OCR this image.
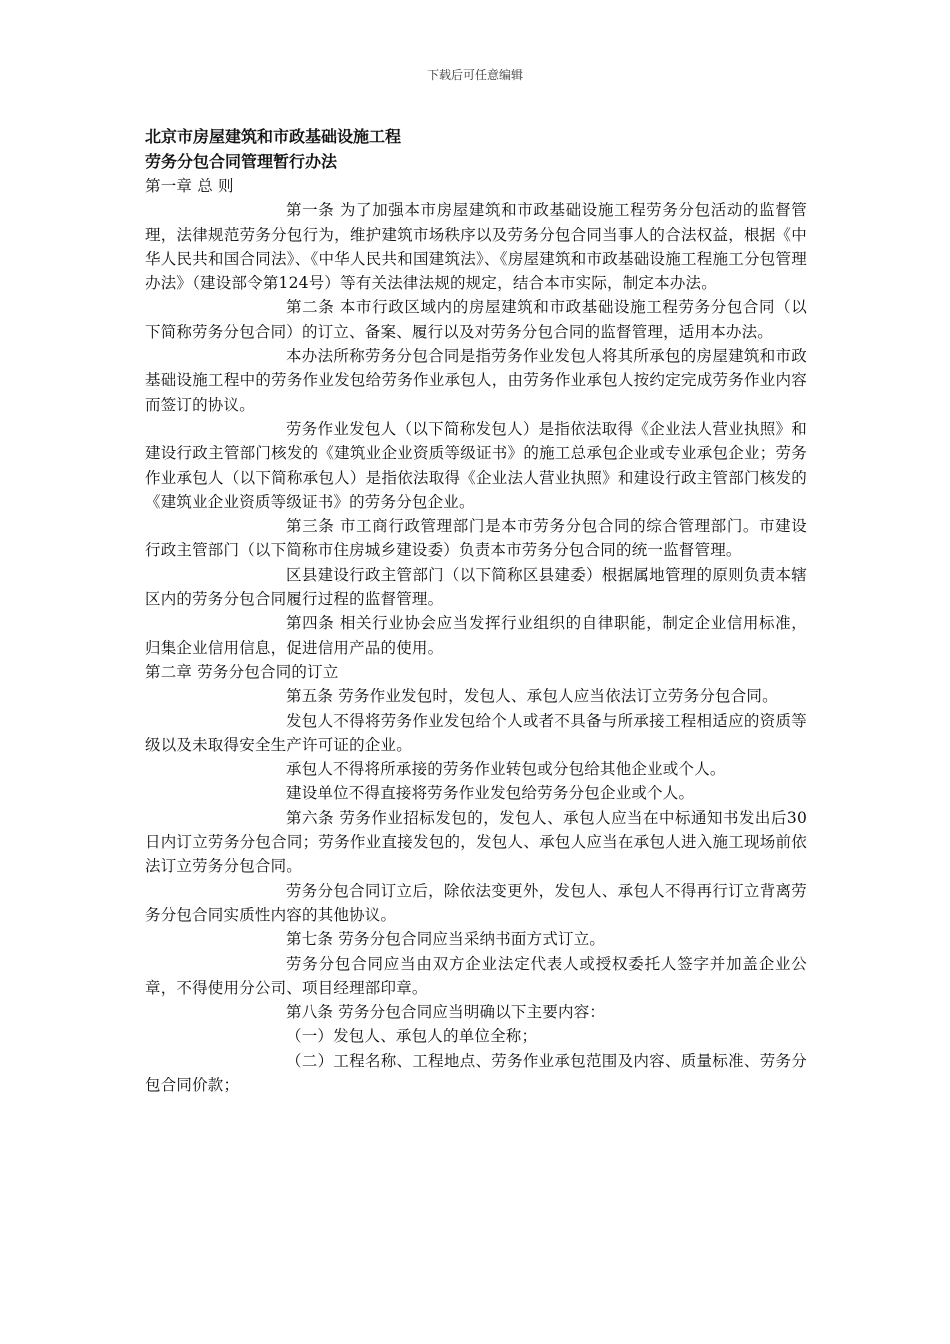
下载后可任意编辑
北京市房屋建筑和市政基础设施工程
劳务分包合同管理暂行办法

第一章 总 则

第一条 为了加强本市房屋建筑和市政基础设施工程劳务分包活动的监督管理，法律规范劳务分包行为，维护建筑市场秩序以及劳务分包合同当事人的合法权益，根据《中华人民共和国合同法》、《中华人民共和国建筑法》、《房屋建筑和市政基础设施工程施工分包管理办法》（建设部令第124号）等有关法律法规的规定，结合本市实际，制定本办法。

第二条 本市行政区域内的房屋建筑和市政基础设施工程劳务分包合同（以下简称劳务分包合同）的订立、备案、履行以及对劳务分包合同的监督管理，适用本办法。

本办法所称劳务分包合同是指劳务作业发包人将其所承包的房屋建筑和市政基础设施工程中的劳务作业发包给劳务作业承包人，由劳务作业承包人按约定完成劳务作业内容而签订的协议。

劳务作业发包人（以下简称发包人）是指依法取得《企业法人营业执照》和建设行政主管部门核发的《建筑业企业资质等级证书》的施工总承包企业或专业承包企业；劳务作业承包人（以下简称承包人）是指依法取得《企业法人营业执照》和建设行政主管部门核发的《建筑业企业资质等级证书》的劳务分包企业。

第三条 市工商行政管理部门是本市劳务分包合同的综合管理部门。市建设行政主管部门（以下简称市住房城乡建设委）负责本市劳务分包合同的统一监督管理。

区县建设行政主管部门（以下简称区县建委）根据属地管理的原则负责本辖区内的劳务分包合同履行过程的监督管理。

第四条 相关行业协会应当发挥行业组织的自律职能，制定企业信用标准，归集企业信用信息，促进信用产品的使用。

第二章 劳务分包合同的订立

第五条 劳务作业发包时，发包人、承包人应当依法订立劳务分包合同。

发包人不得将劳务作业发包给个人或者不具备与所承接工程相适应的资质等级以及未取得安全生产许可证的企业。

承包人不得将所承接的劳务作业转包或分包给其他企业或个人。

建设单位不得直接将劳务作业发包给劳务分包企业或个人。

第六条 劳务作业招标发包的，发包人、承包人应当在中标通知书发出后30日内订立劳务分包合同；劳务作业直接发包的，发包人、承包人应当在承包人进入施工现场前依法订立劳务分包合同。

劳务分包合同订立后，除依法变更外，发包人、承包人不得再行订立背离劳务分包合同实质性内容的其他协议。

第七条 劳务分包合同应当采纳书面方式订立。

劳务分包合同应当由双方企业法定代表人或授权委托人签字并加盖企业公章，不得使用分公司、项目经理部印章。

第八条 劳务分包合同应当明确以下主要内容：

（一）发包人、承包人的单位全称；

（二）工程名称、工程地点、劳务作业承包范围及内容、质量标准、劳务分包合同价款；
